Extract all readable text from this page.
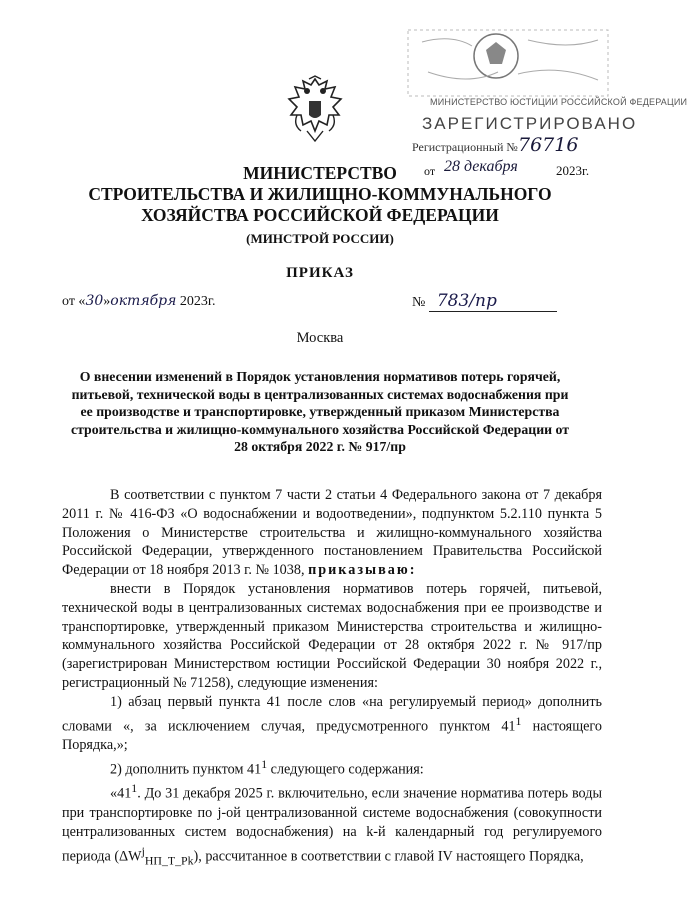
МИНИСТЕРСТВО ЮСТИЦИИ РОССИЙСКОЙ ФЕДЕРАЦИИ
ЗАРЕГИСТРИРОВАНО
Регистрационный № 76716
от 28 декабря	2023г.
МИНИСТЕРСТВО
СТРОИТЕЛЬСТВА И ЖИЛИЩНО-КОММУНАЛЬНОГО
ХОЗЯЙСТВА РОССИЙСКОЙ ФЕДЕРАЦИИ
(МИНСТРОЙ РОССИИ)
ПРИКАЗ
от «30»октября 2023г.	№ 783/пр
Москва
О внесении изменений в Порядок установления нормативов потерь горячей, питьевой, технической воды в централизованных системах водоснабжения при ее производстве и транспортировке, утвержденный приказом Министерства строительства и жилищно-коммунального хозяйства Российской Федерации от 28 октября 2022 г. № 917/пр

В соответствии с пунктом 7 части 2 статьи 4 Федерального закона от 7 декабря 2011 г. № 416-ФЗ «О водоснабжении и водоотведении», подпунктом 5.2.110 пункта 5 Положения о Министерстве строительства и жилищно-коммунального хозяйства Российской Федерации, утвержденного постановлением Правительства Российской Федерации от 18 ноября 2013 г. № 1038, приказываю:

внести в Порядок установления нормативов потерь горячей, питьевой, технической воды в централизованных системах водоснабжения при ее производстве и транспортировке, утвержденный приказом Министерства строительства и жилищно-коммунального хозяйства Российской Федерации от 28 октября 2022 г. № 917/пр (зарегистрирован Министерством юстиции Российской Федерации 30 ноября 2022 г., регистрационный № 71258), следующие изменения:

1) абзац первый пункта 41 после слов «на регулируемый период» дополнить словами «, за исключением случая, предусмотренного пунктом $41^1$ настоящего Порядка,»;

2) дополнить пунктом $41^1$ следующего содержания:

«$41^1$. До 31 декабря 2025 г. включительно, если значение норматива потерь воды при транспортировке по j-ой централизованной системе водоснабжения (совокупности централизованных систем водоснабжения) на k-й календарный год регулируемого периода $(\Delta W^j_{НП\_Т\_Pk})$, рассчитанное в соответствии с главой IV настоящего Порядка,
